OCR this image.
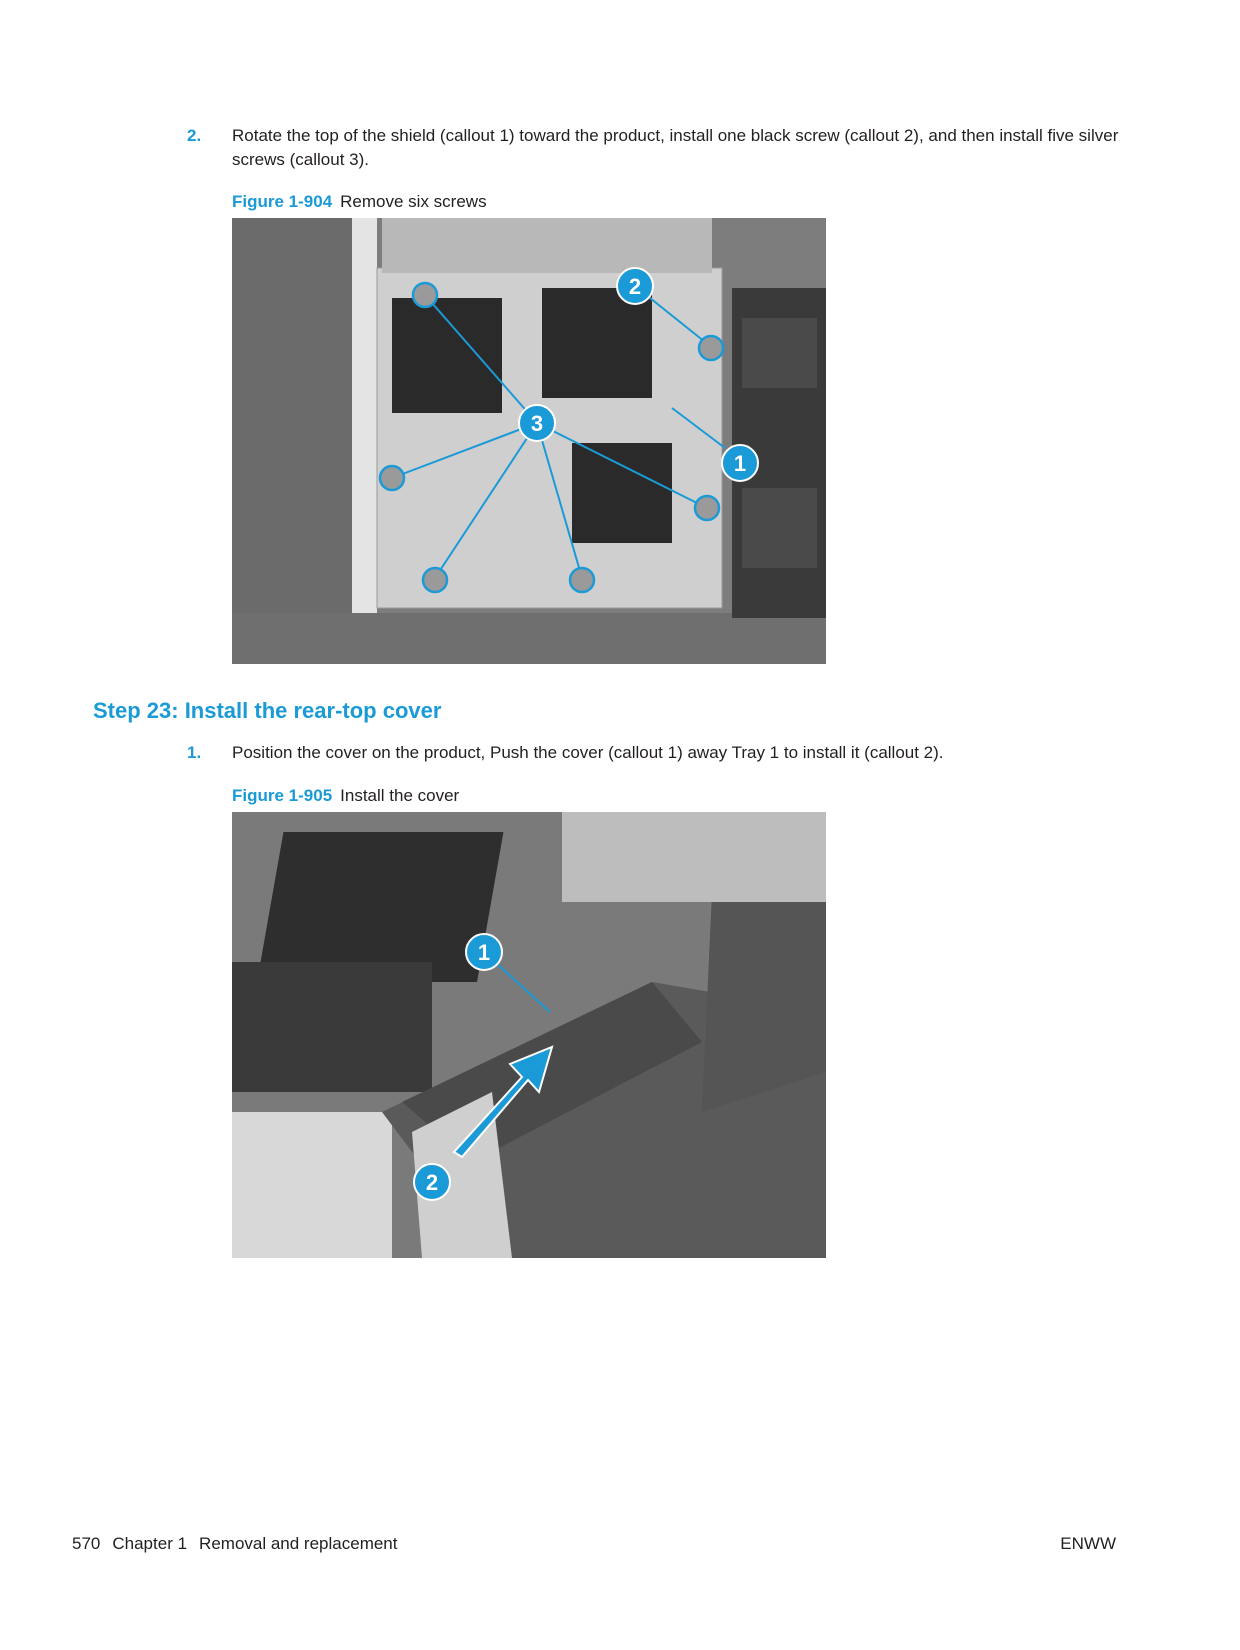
2. Rotate the top of the shield (callout 1) toward the product, install one black screw (callout 2), and then install five silver screws (callout 3).
Figure 1-904 Remove six screws
2
3
1
Step 23: Install the rear-top cover
1. Position the cover on the product, Push the cover (callout 1) away Tray 1 to install it (callout 2).
Figure 1-905 Install the cover
1
2
570 Chapter 1 Removal and replacement	ENWW
